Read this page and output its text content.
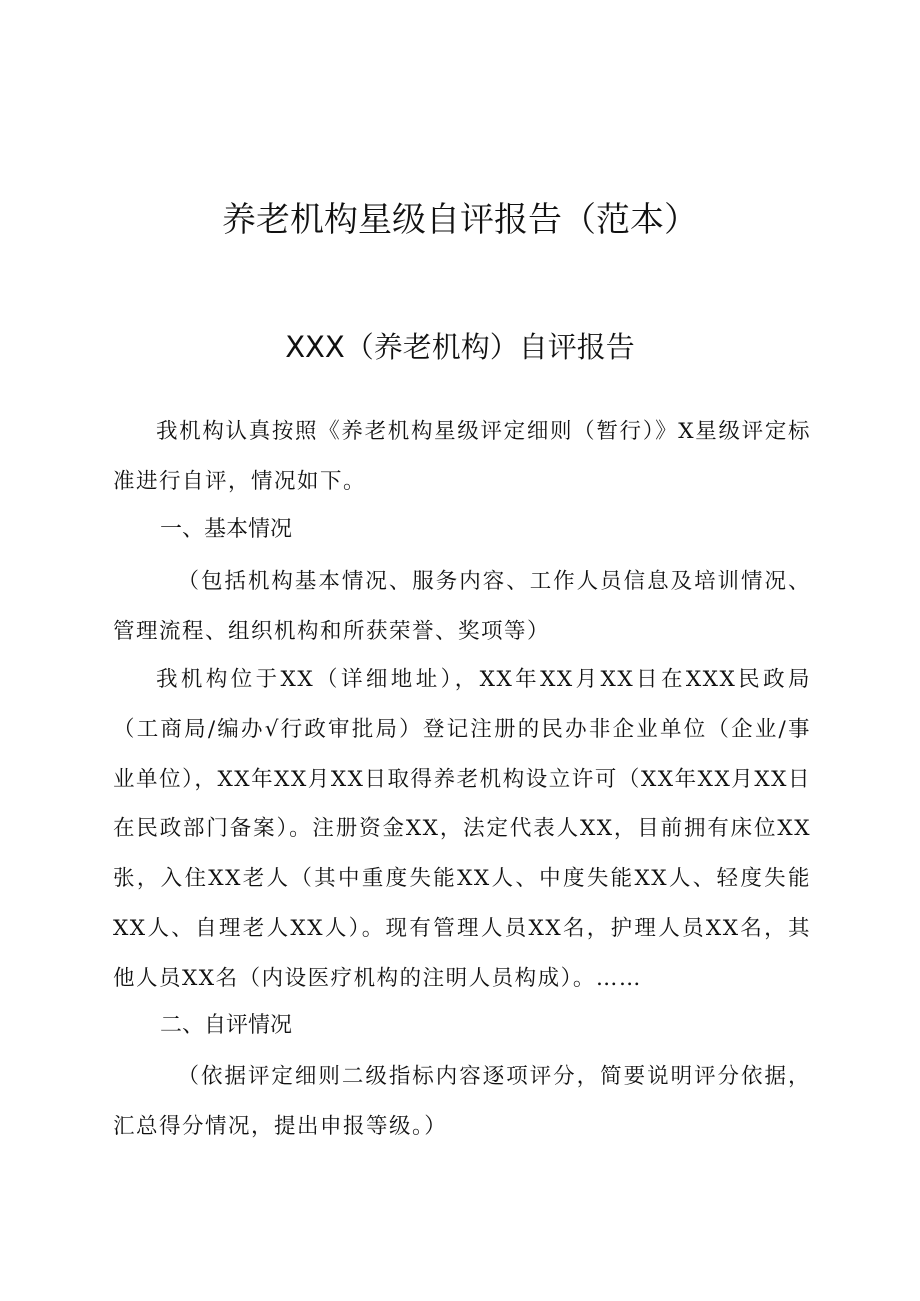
养老机构星级自评报告（范本）
XXX（养老机构）自评报告

我机构认真按照《养老机构星级评定细则（暂行）》X星级评定标准进行自评，情况如下。

一、基本情况

（包括机构基本情况、服务内容、工作人员信息及培训情况、管理流程、组织机构和所获荣誉、奖项等）

我机构位于XX（详细地址），XX年XX月XX日在XXX民政局（工商局/编办√行政审批局）登记注册的民办非企业单位（企业/事业单位），XX年XX月XX日取得养老机构设立许可（XX年XX月XX日在民政部门备案）。注册资金XX，法定代表人XX，目前拥有床位XX张，入住XX老人（其中重度失能XX人、中度失能XX人、轻度失能XX人、自理老人XX人）。现有管理人员XX名，护理人员XX名，其他人员XX名（内设医疗机构的注明人员构成）。……

二、自评情况

（依据评定细则二级指标内容逐项评分，简要说明评分依据，汇总得分情况，提出申报等级。）
